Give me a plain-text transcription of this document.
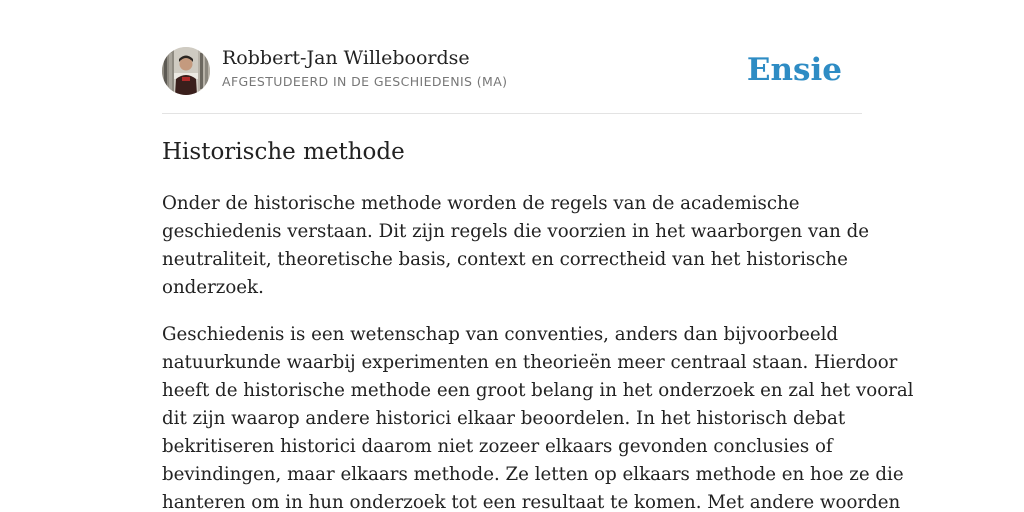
Robbert-Jan Willeboordse
AFGESTUDEERD IN DE GESCHIEDENIS (MA)	Ensie
Historische methode

Onder de historische methode worden de regels van de academische
geschiedenis verstaan. Dit zijn regels die voorzien in het waarborgen van de
neutraliteit, theoretische basis, context en correctheid van het historische
onderzoek.

Geschiedenis is een wetenschap van conventies, anders dan bijvoorbeeld
natuurkunde waarbij experimenten en theorieën meer centraal staan. Hierdoor
heeft de historische methode een groot belang in het onderzoek en zal het vooral
dit zijn waarop andere historici elkaar beoordelen. In het historisch debat
bekritiseren historici daarom niet zozeer elkaars gevonden conclusies of
bevindingen, maar elkaars methode. Ze letten op elkaars methode en hoe ze die
hanteren om in hun onderzoek tot een resultaat te komen. Met andere woorden
